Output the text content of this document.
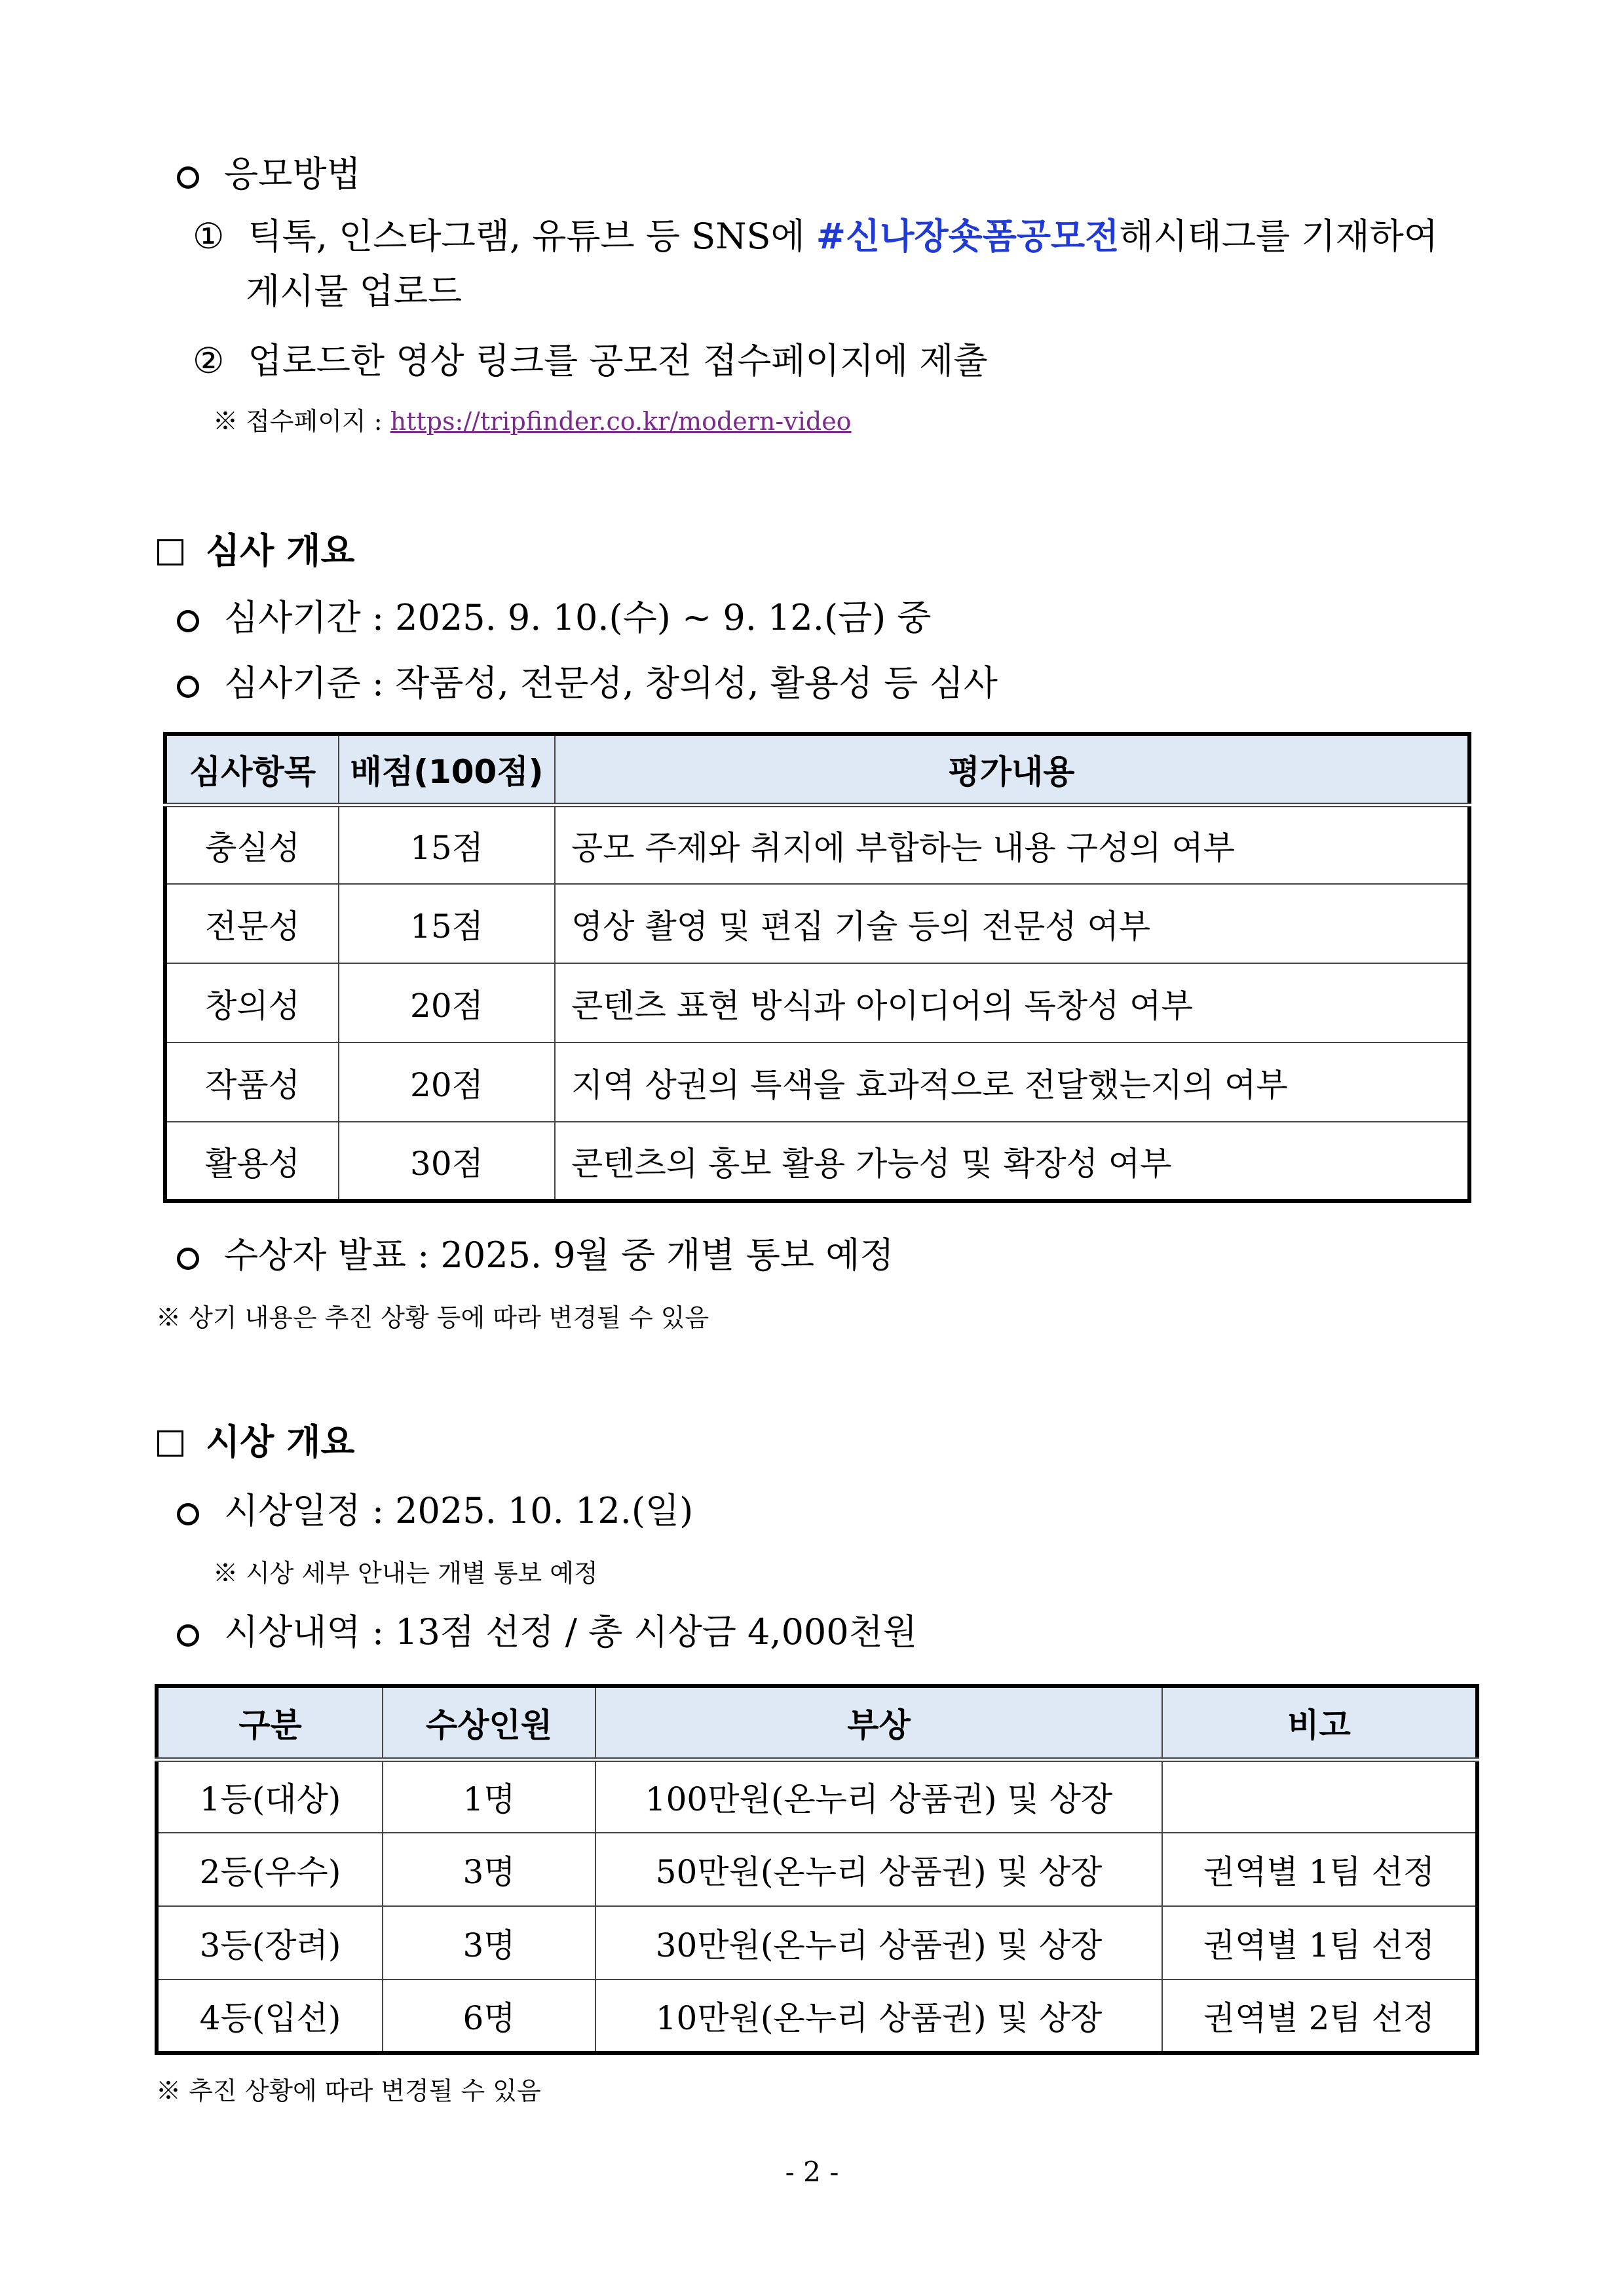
응모방법
① 틱톡, 인스타그램, 유튜브 등 SNS에 #신나장숏폼공모전 해시태그를 기재하여
게시물 업로드
② 업로드한 영상 링크를 공모전 접수페이지에 제출
※ 접수페이지 : https://tripfinder.co.kr/modern-video
심사 개요
심사기간 : 2025. 9. 10.(수) ~ 9. 12.(금) 중
심사기준 : 작품성, 전문성, 창의성, 활용성 등 심사
심사항목	배점(100점)	평가내용
충실성	15점	공모 주제와 취지에 부합하는 내용 구성의 여부
전문성	15점	영상 촬영 및 편집 기술 등의 전문성 여부
창의성	20점	콘텐츠 표현 방식과 아이디어의 독창성 여부
작품성	20점	지역 상권의 특색을 효과적으로 전달했는지의 여부
활용성	30점	콘텐츠의 홍보 활용 가능성 및 확장성 여부
수상자 발표 : 2025. 9월 중 개별 통보 예정
※ 상기 내용은 추진 상황 등에 따라 변경될 수 있음
시상 개요
시상일정 : 2025. 10. 12.(일)
※ 시상 세부 안내는 개별 통보 예정
시상내역 : 13점 선정 / 총 시상금 4,000천원
구분	수상인원	부상	비고
1등(대상)	1명	100만원(온누리 상품권) 및 상장	
2등(우수)	3명	50만원(온누리 상품권) 및 상장	권역별 1팀 선정
3등(장려)	3명	30만원(온누리 상품권) 및 상장	권역별 1팀 선정
4등(입선)	6명	10만원(온누리 상품권) 및 상장	권역별 2팀 선정
※ 추진 상황에 따라 변경될 수 있음
- 2 -
